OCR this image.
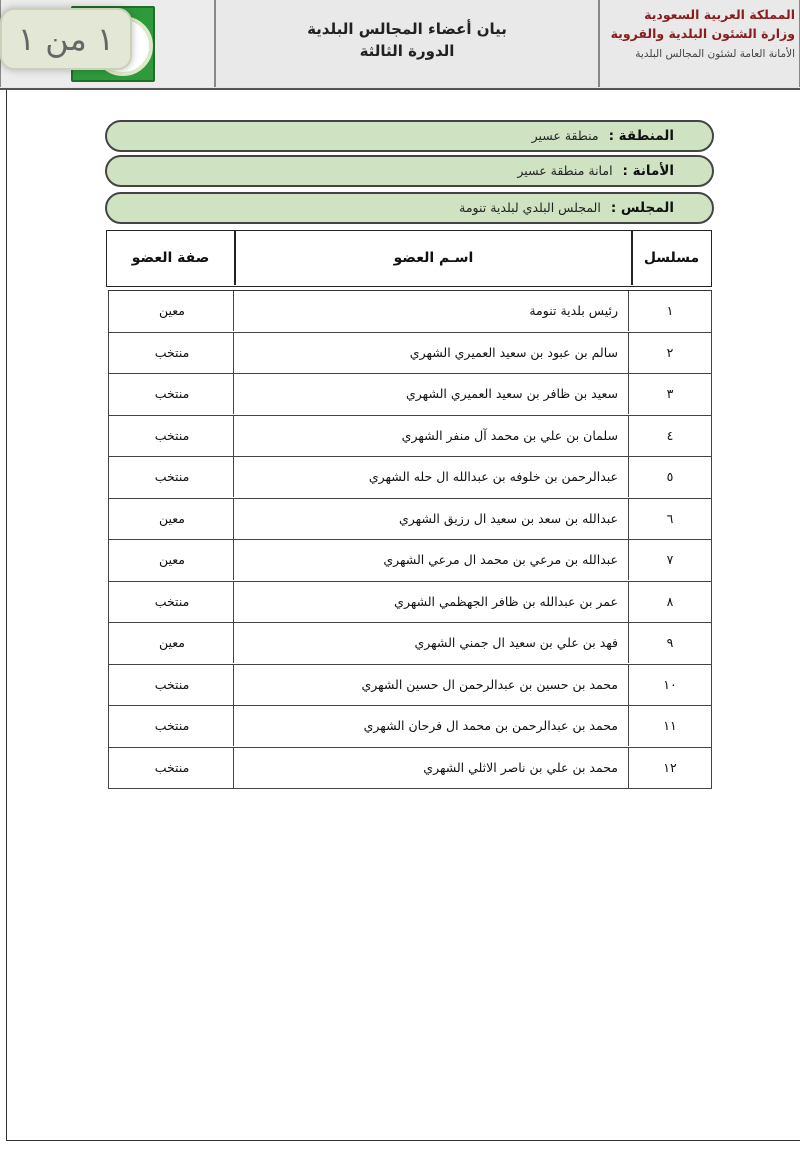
بيان أعضاء المجالس البلدية
الدورة الثالثة
المملكة العربية السعودية
وزارة الشئون البلدية والقروية
الأمانة العامة لشئون المجالس البلدية
١ من ١
المنطقة : منطقة عسير
الأمانة : امانة منطقة عسير
المجلس : المجلس البلدي لبلدية تنومة
صفة العضو	اسـم العضو	مسلسل
١
رئيس بلدية تنومة
معين
٢
سالم بن عبود بن سعيد العميري الشهري
منتخب
٣
سعيد بن ظافر بن سعيد العميري الشهري
منتخب
٤
سلمان بن علي بن محمد آل منفر الشهري
منتخب
٥
عبدالرحمن بن خلوفه بن عبدالله ال حله الشهري
منتخب
٦
عبدالله بن سعد بن سعيد ال رزيق الشهري
معين
٧
عبدالله بن مرعي بن محمد ال مرعي الشهري
معين
٨
عمر بن عبدالله بن ظافر الجهظمي الشهري
منتخب
٩
فهد بن علي بن سعيد ال جمني الشهري
معين
١٠
محمد بن حسين بن عبدالرحمن ال حسين الشهري
منتخب
١١
محمد بن عبدالرحمن بن محمد ال فرحان الشهري
منتخب
١٢
محمد بن علي بن ناصر الاثلي الشهري
منتخب
